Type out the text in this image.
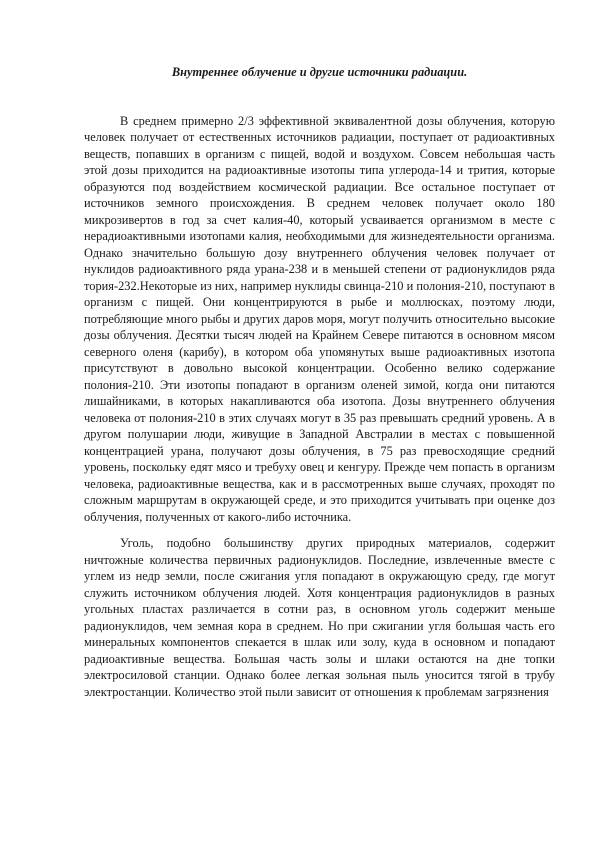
Внутреннее облучение и другие источники радиации.

В среднем примерно 2/3 эффективной эквивалентной дозы облучения, которую человек получает от естественных источников радиации, поступает от радиоактивных веществ, попавших в организм с пищей, водой и воздухом. Совсем небольшая часть этой дозы приходится на радиоактивные изотопы типа углерода-14 и трития, которые образуются под воздействием космической радиации. Все остальное поступает от источников земного происхождения. В среднем человек получает около 180 микрозивертов в год за счет калия-40, который усваивается организмом в месте с нерадиоактивными изотопами калия, необходимыми для жизнедеятельности организма. Однако значительно большую дозу внутреннего облучения человек получает от нуклидов радиоактивного ряда урана-238 и в меньшей степени от радионуклидов ряда тория-232.Некоторые из них, например нуклиды свинца-210 и полония-210, поступают в организм с пищей. Они концентрируются в рыбе и моллюсках, поэтому люди, потребляющие много рыбы и других даров моря, могут получить относительно высокие дозы облучения. Десятки тысяч людей на Крайнем Севере питаются в основном мясом северного оленя (карибу), в котором оба упомянутых выше радиоактивных изотопа присутствуют в довольно высокой концентрации. Особенно велико содержание полония-210. Эти изотопы попадают в организм оленей зимой, когда они питаются лишайниками, в которых накапливаются оба изотопа. Дозы внутреннего облучения человека от полония-210 в этих случаях могут в 35 раз превышать средний уровень. А в другом полушарии люди, живущие в Западной Австралии в местах с повышенной концентрацией урана, получают дозы облучения, в 75 раз превосходящие средний уровень, поскольку едят мясо и требуху овец и кенгуру. Прежде чем попасть в организм человека, радиоактивные вещества, как и в рассмотренных выше случаях, проходят по сложным маршрутам в окружающей среде, и это приходится учитывать при оценке доз облучения, полученных от какого-либо источника.

Уголь, подобно большинству других природных материалов, содержит ничтожные количества первичных радионуклидов. Последние, извлеченные вместе с углем из недр земли, после сжигания угля попадают в окружающую среду, где могут служить источником облучения людей. Хотя концентрация радионуклидов в разных угольных пластах различается в сотни раз, в основном уголь содержит меньше радионуклидов, чем земная кора в среднем. Но при сжигании угля большая часть его минеральных компонентов спекается в шлак или золу, куда в основном и попадают радиоактивные вещества. Большая часть золы и шлаки остаются на дне топки электросиловой станции. Однако более легкая зольная пыль уносится тягой в трубу электростанции. Количество этой пыли зависит от отношения к проблемам загрязнения
